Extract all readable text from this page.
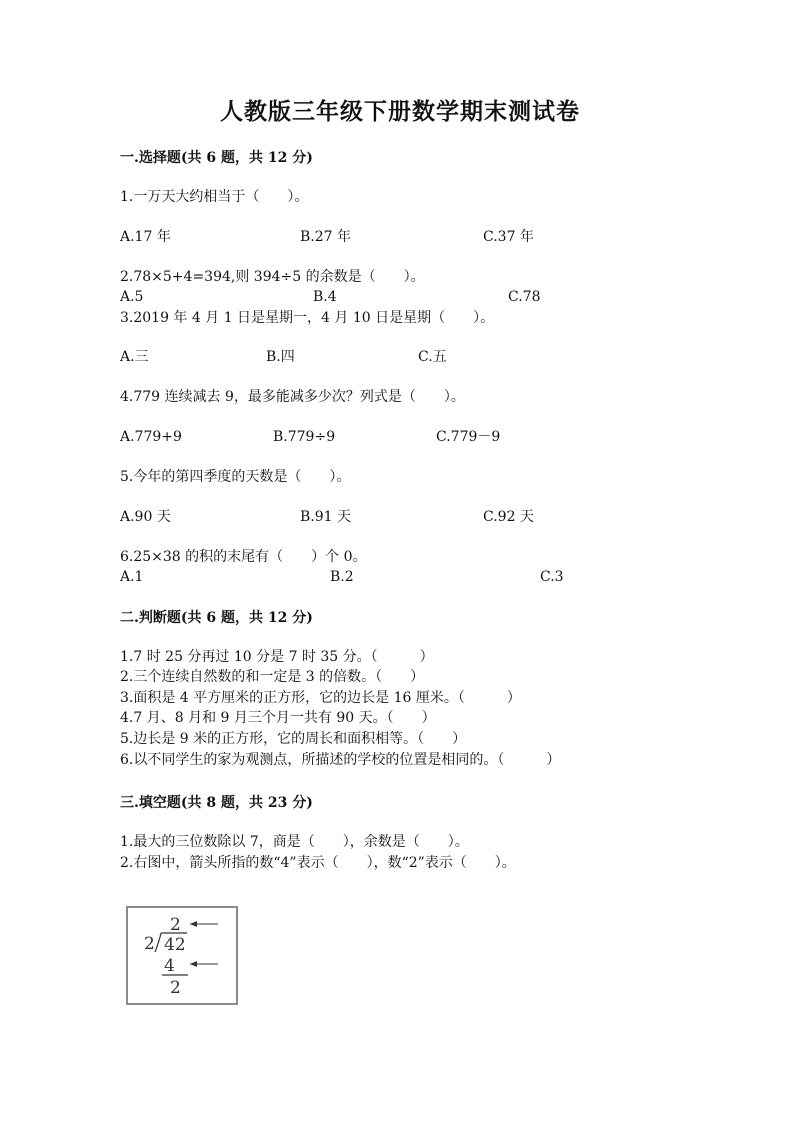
人教版三年级下册数学期末测试卷
一.选择题(共 6 题，共 12 分)
1.一万天大约相当于（　　）。
A.17 年	B.27 年	C.37 年
2.78×5+4=394,则 394÷5 的余数是（　　）。
A.5	B.4	C.78
3.2019 年 4 月 1 日是星期一，4 月 10 日是星期（　　）。
A.三	B.四	C.五
4.779 连续减去 9，最多能减多少次？列式是（　　）。
A.779+9	B.779÷9	C.779－9
5.今年的第四季度的天数是（　　）。
A.90 天	B.91 天	C.92 天
6.25×38 的积的末尾有（　　）个 0。
A.1	B.2	C.3
二.判断题(共 6 题，共 12 分)
1.7 时 25 分再过 10 分是 7 时 35 分。（　　　）
2.三个连续自然数的和一定是 3 的倍数。（　　）
3.面积是 4 平方厘米的正方形，它的边长是 16 厘米。（　　　）
4.7 月、8 月和 9 月三个月一共有 90 天。（　　）
5.边长是 9 米的正方形，它的周长和面积相等。（　　）
6.以不同学生的家为观测点，所描述的学校的位置是相同的。（　　　）
三.填空题(共 8 题，共 23 分)
1.最大的三位数除以 7，商是（　　），余数是（　　）。
2.右图中，箭头所指的数“4”表示（　　），数“2”表示（　　）。
2
2 42
4
2
